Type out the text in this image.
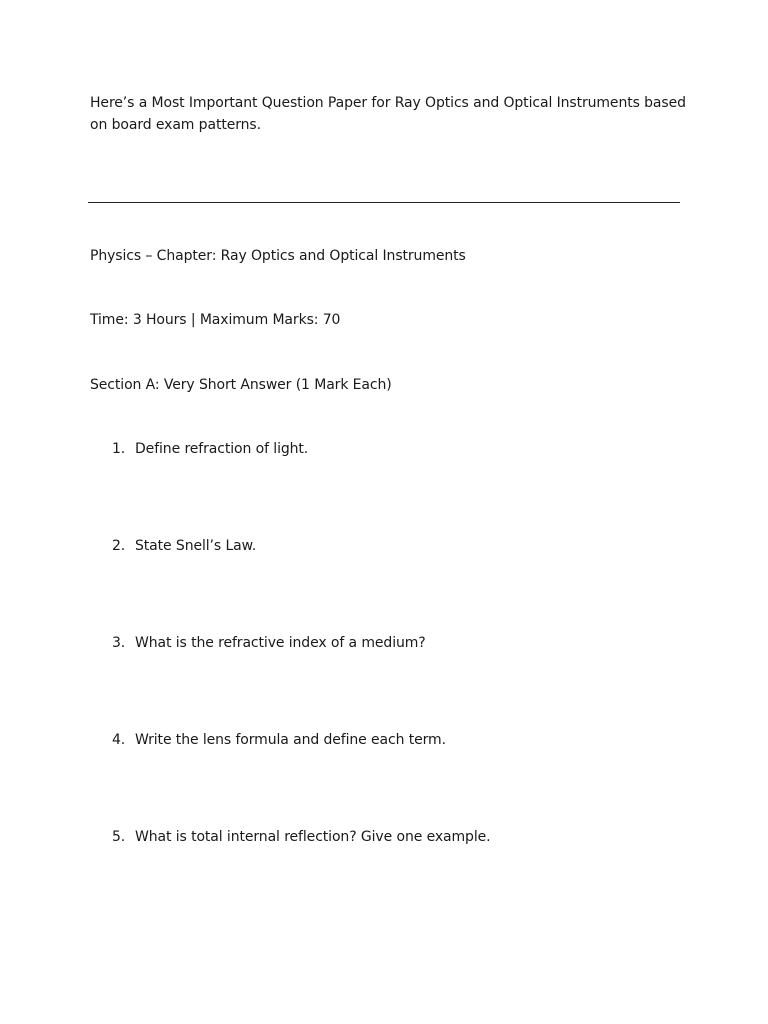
Here’s a Most Important Question Paper for Ray Optics and Optical Instruments based on board exam patterns.

Physics – Chapter: Ray Optics and Optical Instruments
Time: 3 Hours | Maximum Marks: 70
Section A: Very Short Answer (1 Mark Each)
1. Define refraction of light.
2. State Snell’s Law.
3. What is the refractive index of a medium?
4. Write the lens formula and define each term.
5. What is total internal reflection? Give one example.
